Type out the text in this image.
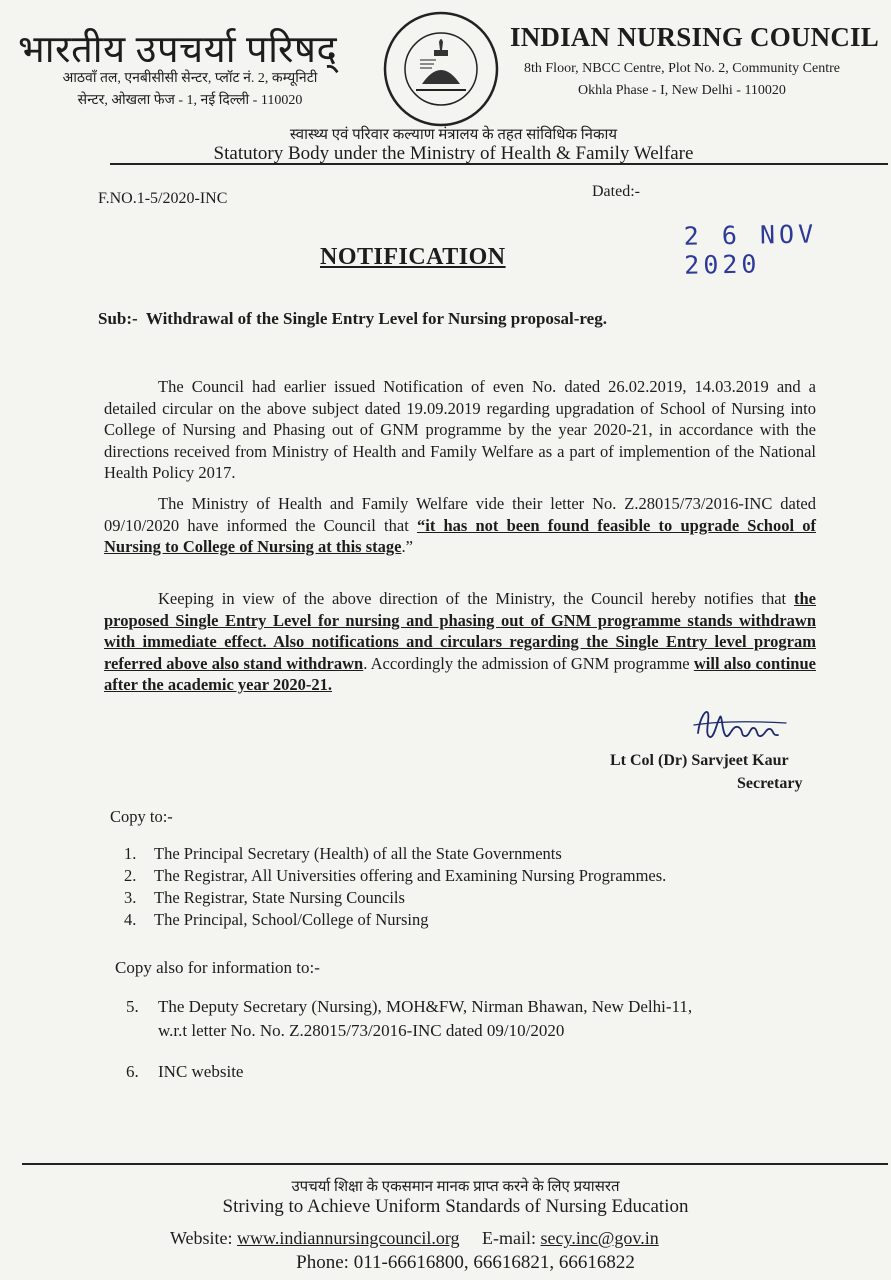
भारतीय उपचर्या परिषद्
आठवाँ तल, एनबीसीसी सेन्टर, प्लॉट नं. 2, कम्यूनिटी
सेन्टर, ओखला फेज - 1, नई दिल्ली - 110020
INDIAN NURSING COUNCIL
8th Floor, NBCC Centre, Plot No. 2, Community Centre
Okhla Phase - I, New Delhi - 110020
स्वास्थ्य एवं परिवार कल्याण मंत्रालय के तहत सांविधिक निकाय
Statutory Body under the Ministry of Health & Family Welfare
F.NO.1-5/2020-INC	Dated:-
2 6 NOV 2020
NOTIFICATION
Sub:- Withdrawal of the Single Entry Level for Nursing proposal-reg.
The Council had earlier issued Notification of even No. dated 26.02.2019, 14.03.2019 and a detailed circular on the above subject dated 19.09.2019 regarding upgradation of School of Nursing into College of Nursing and Phasing out of GNM programme by the year 2020-21, in accordance with the directions received from Ministry of Health and Family Welfare as a part of implemention of the National Health Policy 2017.
The Ministry of Health and Family Welfare vide their letter No. Z.28015/73/2016-INC dated 09/10/2020 have informed the Council that “it has not been found feasible to upgrade School of Nursing to College of Nursing at this stage.”
Keeping in view of the above direction of the Ministry, the Council hereby notifies that the proposed Single Entry Level for nursing and phasing out of GNM programme stands withdrawn with immediate effect. Also notifications and circulars regarding the Single Entry level program referred above also stand withdrawn. Accordingly the admission of GNM programme will also continue after the academic year 2020-21.
Lt Col (Dr) Sarvjeet Kaur
Secretary
Copy to:-
1.	The Principal Secretary (Health) of all the State Governments
2.	The Registrar, All Universities offering and Examining Nursing Programmes.
3.	The Registrar, State Nursing Councils
4.	The Principal, School/College of Nursing
Copy also for information to:-
5. The Deputy Secretary (Nursing), MOH&FW, Nirman Bhawan, New Delhi-11,
w.r.t letter No. No. Z.28015/73/2016-INC dated 09/10/2020
6. INC website
उपचर्या शिक्षा के एकसमान मानक प्राप्त करने के लिए प्रयासरत
Striving to Achieve Uniform Standards of Nursing Education
Website: www.indiannursingcouncil.org E-mail: secy.inc@gov.in
Phone: 011-66616800, 66616821, 66616822
